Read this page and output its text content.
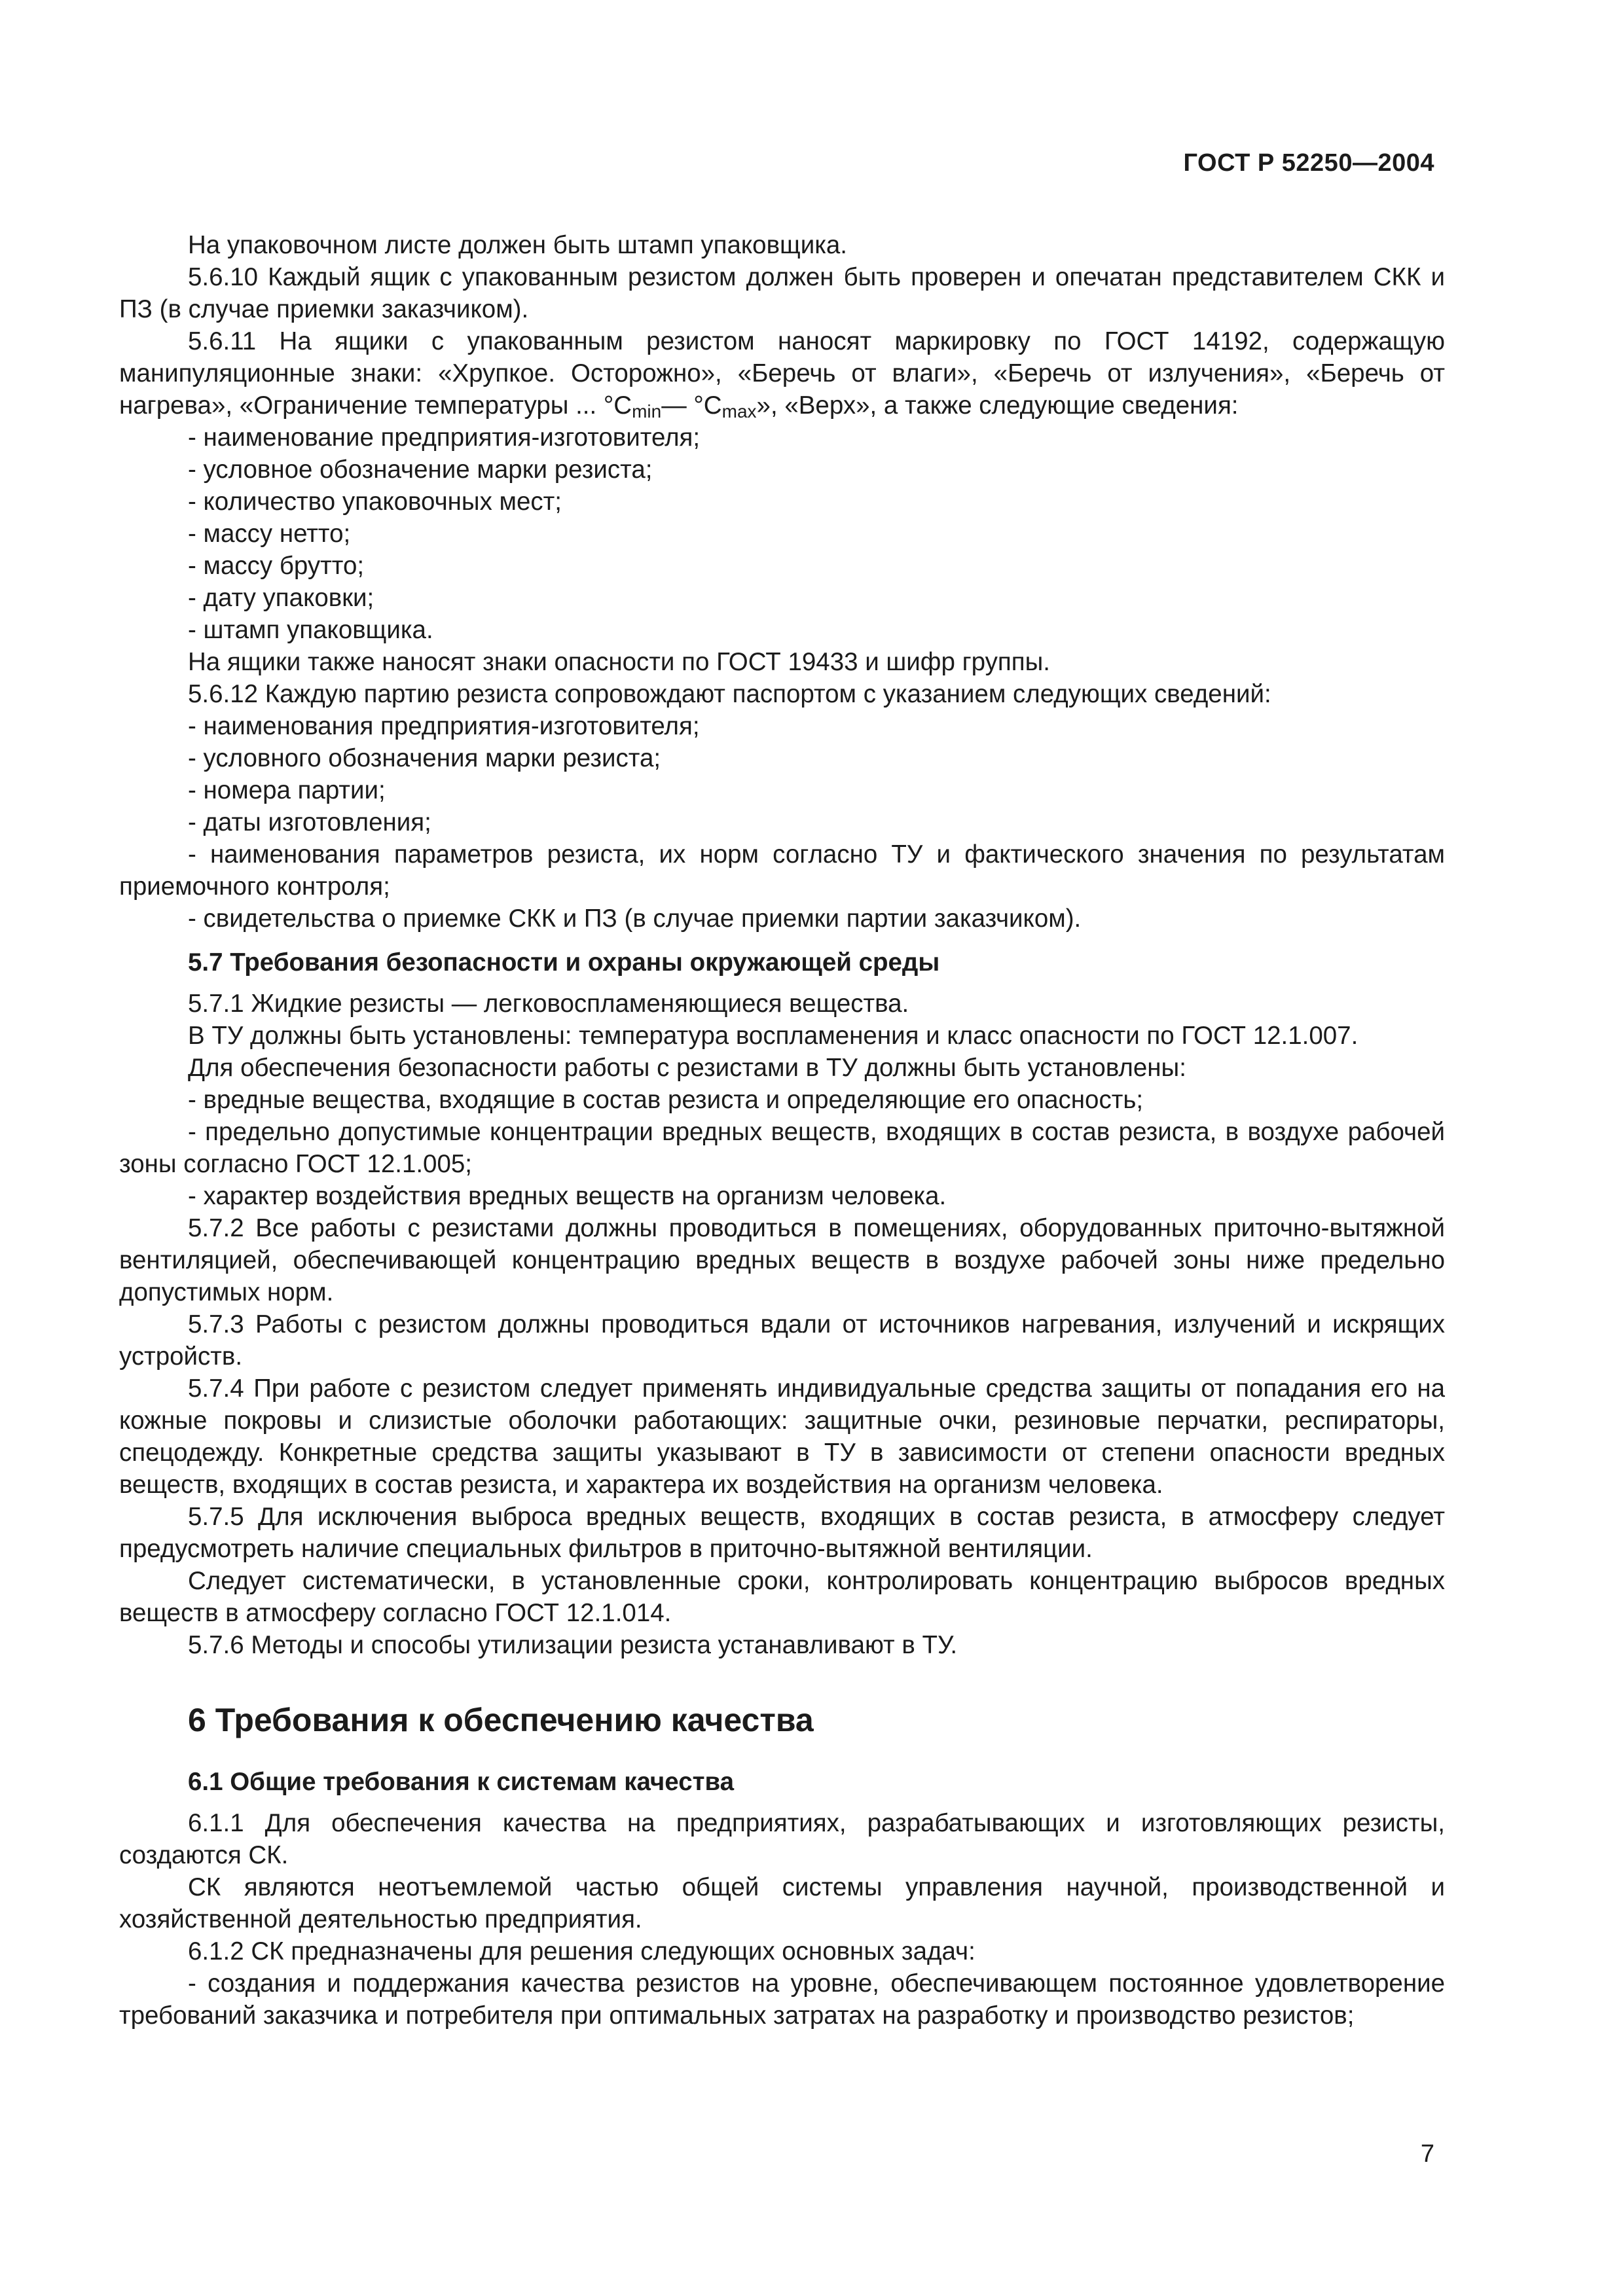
ГОСТ Р 52250—2004

На упаковочном листе должен быть штамп упаковщика.

5.6.10 Каждый ящик с упакованным резистом должен быть проверен и опечатан представителем СКК и ПЗ (в случае приемки заказчиком).

5.6.11 На ящики с упакованным резистом наносят маркировку по ГОСТ 14192, содержащую манипуляционные знаки: «Хрупкое. Осторожно», «Беречь от влаги», «Беречь от излучения», «Беречь от нагрева», «Ограничение температуры ... $^\circ C_{min}—$ $^\circ C_{max}$», «Верх», а также следующие сведения:

- наименование предприятия-изготовителя;

- условное обозначение марки резиста;

- количество упаковочных мест;

- массу нетто;

- массу брутто;

- дату упаковки;

- штамп упаковщика.

На ящики также наносят знаки опасности по ГОСТ 19433 и шифр группы.

5.6.12 Каждую партию резиста сопровождают паспортом с указанием следующих сведений:

- наименования предприятия-изготовителя;

- условного обозначения марки резиста;

- номера партии;

- даты изготовления;

- наименования параметров резиста, их норм согласно ТУ и фактического значения по результатам приемочного контроля;

- свидетельства о приемке СКК и ПЗ (в случае приемки партии заказчиком).

5.7 Требования безопасности и охраны окружающей среды

5.7.1 Жидкие резисты — легковоспламеняющиеся вещества.

В ТУ должны быть установлены: температура воспламенения и класс опасности по ГОСТ 12.1.007.

Для обеспечения безопасности работы с резистами в ТУ должны быть установлены:

- вредные вещества, входящие в состав резиста и определяющие его опасность;

- предельно допустимые концентрации вредных веществ, входящих в состав резиста, в воздухе рабочей зоны согласно ГОСТ 12.1.005;

- характер воздействия вредных веществ на организм человека.

5.7.2 Все работы с резистами должны проводиться в помещениях, оборудованных приточно-вытяжной вентиляцией, обеспечивающей концентрацию вредных веществ в воздухе рабочей зоны ниже предельно допустимых норм.

5.7.3 Работы с резистом должны проводиться вдали от источников нагревания, излучений и искрящих устройств.

5.7.4 При работе с резистом следует применять индивидуальные средства защиты от попадания его на кожные покровы и слизистые оболочки работающих: защитные очки, резиновые перчатки, респираторы, спецодежду. Конкретные средства защиты указывают в ТУ в зависимости от степени опасности вредных веществ, входящих в состав резиста, и характера их воздействия на организм человека.

5.7.5 Для исключения выброса вредных веществ, входящих в состав резиста, в атмосферу следует предусмотреть наличие специальных фильтров в приточно-вытяжной вентиляции.

Следует систематически, в установленные сроки, контролировать концентрацию выбросов вредных веществ в атмосферу согласно ГОСТ 12.1.014.

5.7.6 Методы и способы утилизации резиста устанавливают в ТУ.

6 Требования к обеспечению качества
6.1 Общие требования к системам качества

6.1.1 Для обеспечения качества на предприятиях, разрабатывающих и изготовляющих резисты, создаются СК.

СК являются неотъемлемой частью общей системы управления научной, производственной и хозяйственной деятельностью предприятия.

6.1.2 СК предназначены для решения следующих основных задач:

- создания и поддержания качества резистов на уровне, обеспечивающем постоянное удовлетворение требований заказчика и потребителя при оптимальных затратах на разработку и производство резистов;

7
